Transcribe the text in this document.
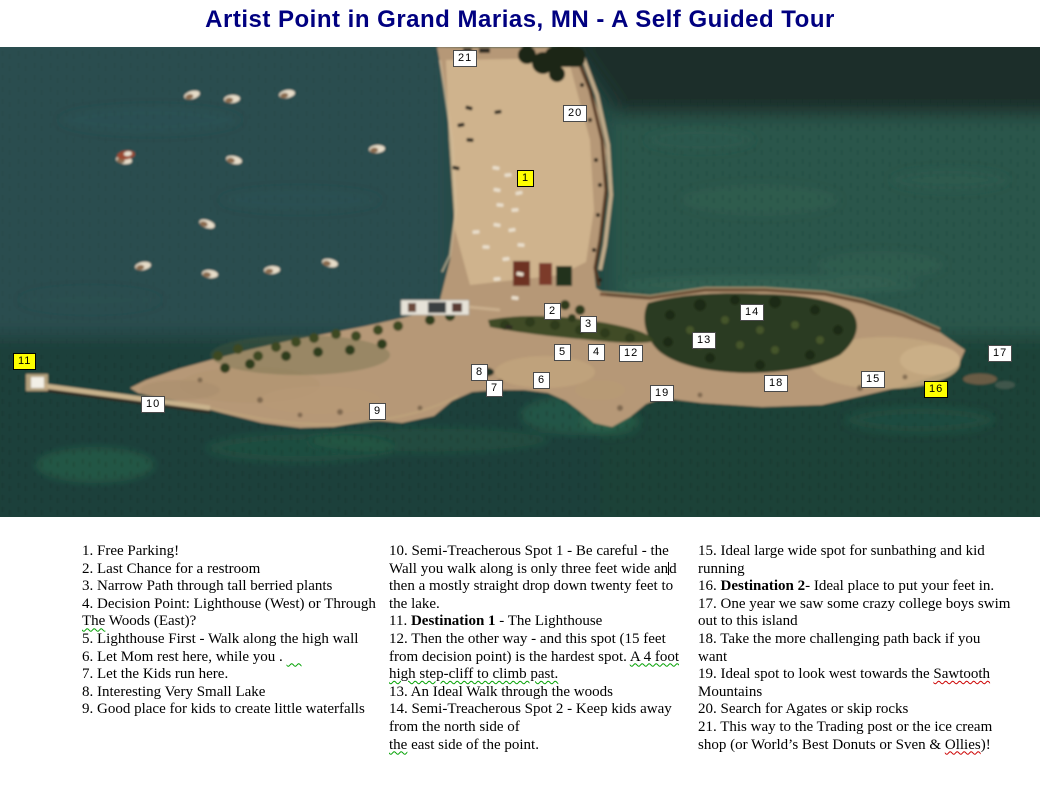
Artist Point in Grand Marias, MN - A Self Guided Tour
1
2
3
4
5
6
7
8
9
10
11
12
13
14
15
16
17
18
19
20
21

1. Free Parking!

2. Last Chance for a restroom

3. Narrow Path through tall berried plants

4. Decision Point: Lighthouse (West) or Through The Woods (East)?

5. Lighthouse First - Walk along the high wall

6. Let Mom rest here, while you .

7. Let the Kids run here.

8. Interesting Very Small Lake

9. Good place for kids to create little waterfalls

10. Semi-Treacherous Spot 1 - Be careful - the Wall you walk along is only three feet wide and then a mostly straight drop down twenty feet to the lake.

11. Destination 1 - The Lighthouse

12. Then the other way - and this spot (15 feet from decision point) is the hardest spot. A 4 foot high step-cliff to climb past.

13. An Ideal Walk through the woods

14. Semi-Treacherous Spot 2 - Keep kids away from the north side of
the east side of the point.

15. Ideal large wide spot for sunbathing and kid running

16. Destination 2- Ideal place to put your feet in.

17. One year we saw some crazy college boys swim out to this island

18. Take the more challenging path back if you want

19. Ideal spot to look west towards the Sawtooth Mountains

20. Search for Agates or skip rocks

21. This way to the Trading post or the ice cream shop (or World’s Best Donuts or Sven & Ollies)!
